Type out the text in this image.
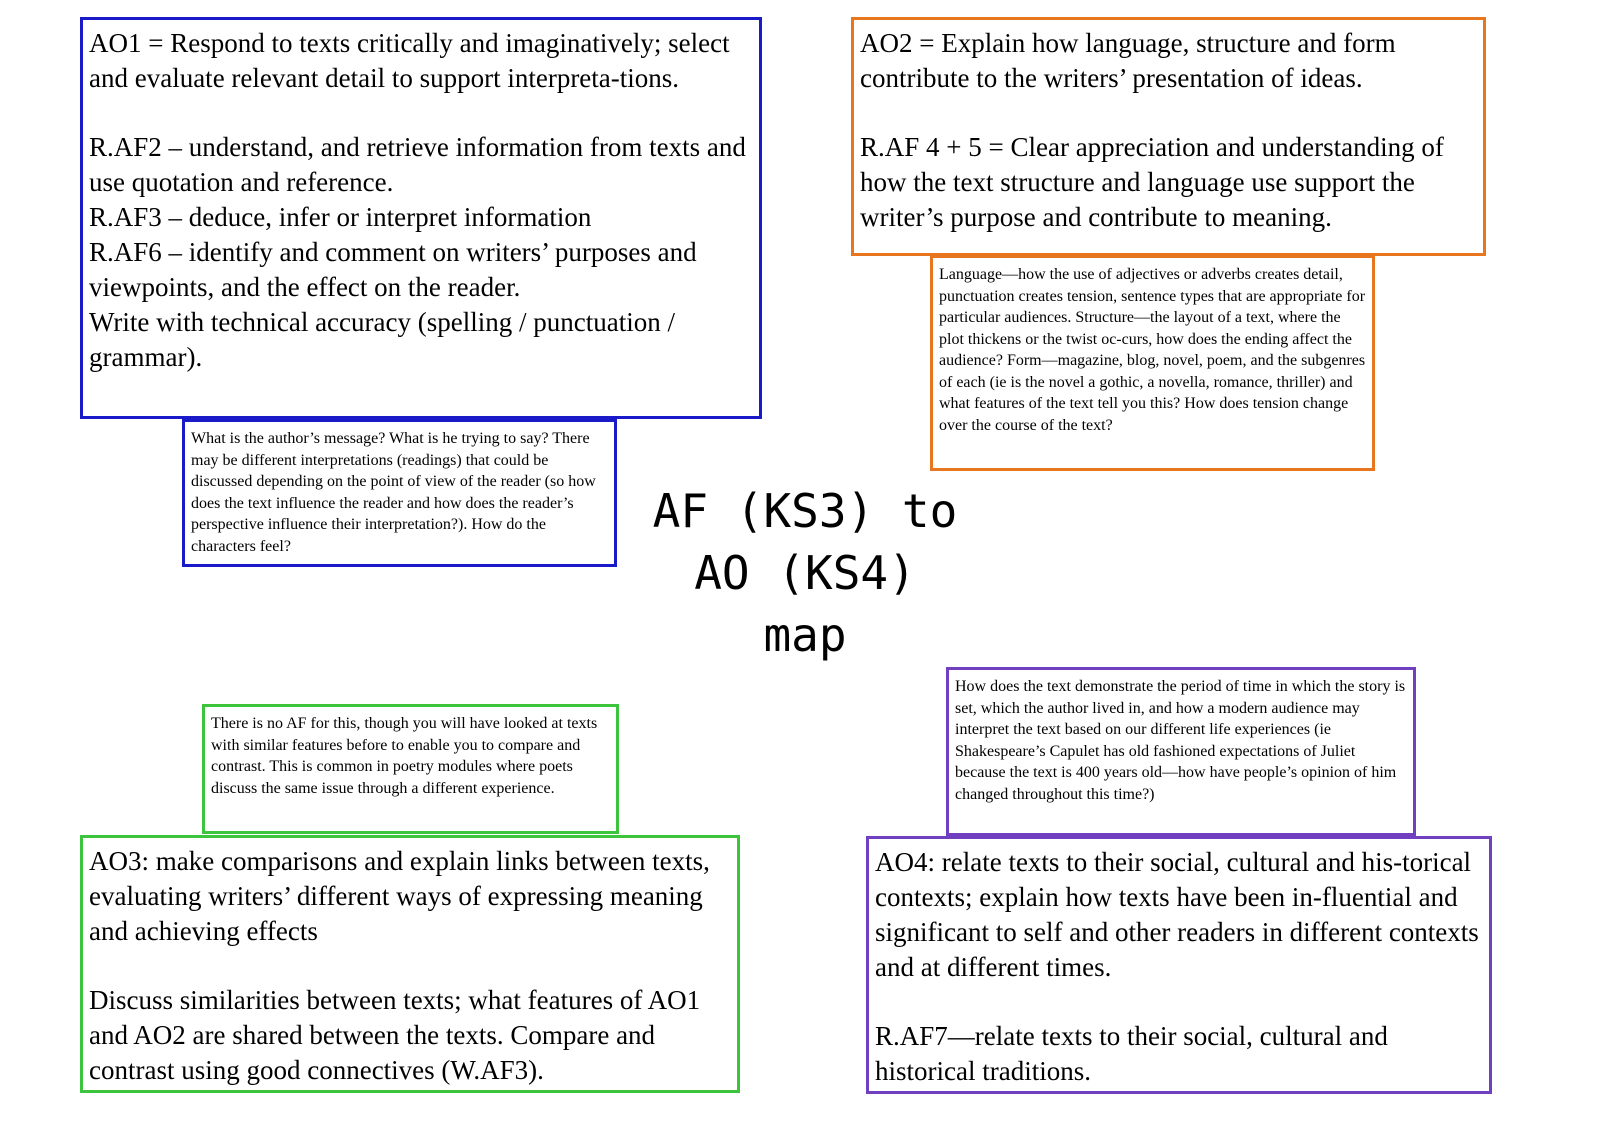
AO1 = Respond to texts critically and imaginatively; select and evaluate relevant detail to support interpreta-tions.

R.AF2 – understand, and retrieve information from texts and use quotation and reference.

R.AF3 – deduce, infer or interpret information

R.AF6 – identify and comment on writers’ purposes and viewpoints, and the effect on the reader.

Write with technical accuracy (spelling / punctuation / grammar).

What is the author’s message? What is he trying to say? There may be different interpretations (readings) that could be discussed depending on the point of view of the reader (so how does the text influence the reader and how does the reader’s perspective influence their interpretation?). How do the characters feel?

AO2 = Explain how language, structure and form contribute to the writers’ presentation of ideas.

R.AF 4 + 5 = Clear appreciation and understanding of how the text structure and language use support the writer’s purpose and contribute to meaning.

Language—how the use of adjectives or adverbs creates detail, punctuation creates tension, sentence types that are appropriate for particular audiences. Structure—the layout of a text, where the plot thickens or the twist oc-curs, how does the ending affect the audience? Form—magazine, blog, novel, poem, and the subgenres of each (ie is the novel a gothic, a novella, romance, thriller) and what features of the text tell you this? How does tension change over the course of the text?

AF (KS3) to
AO (KS4)
map

There is no AF for this, though you will have looked at texts with similar features before to enable you to compare and contrast. This is common in poetry modules where poets discuss the same issue through a different experience.

AO3: make comparisons and explain links between texts, evaluating writers’ different ways of expressing meaning and achieving effects

Discuss similarities between texts; what features of AO1 and AO2 are shared between the texts. Compare and contrast using good connectives (W.AF3).

How does the text demonstrate the period of time in which the story is set, which the author lived in, and how a modern audience may interpret the text based on our different life experiences (ie Shakespeare’s Capulet has old fashioned expectations of Juliet because the text is 400 years old—how have people’s opinion of him changed throughout this time?)

AO4: relate texts to their social, cultural and his-torical contexts; explain how texts have been in-fluential and significant to self and other readers in different contexts and at different times.

R.AF7—relate texts to their social, cultural and historical traditions.
